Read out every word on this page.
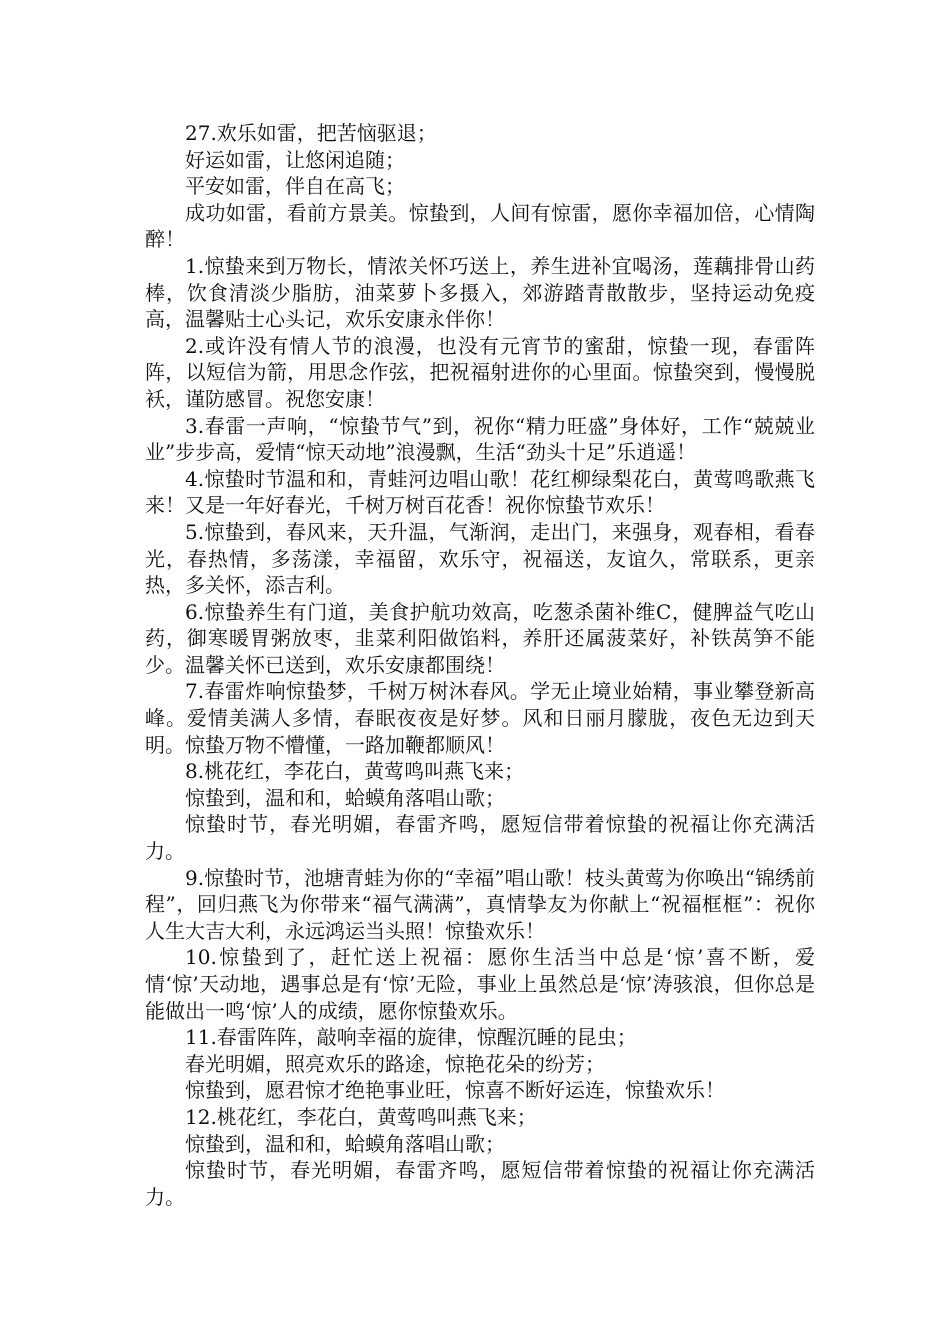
27.欢乐如雷，把苦恼驱退；

好运如雷，让悠闲追随；

平安如雷，伴自在高飞；

成功如雷，看前方景美。惊蛰到，人间有惊雷，愿你幸福加倍，心情陶醉！

1.惊蛰来到万物长，情浓关怀巧送上，养生进补宜喝汤，莲藕排骨山药棒，饮食清淡少脂肪，油菜萝卜多摄入，郊游踏青散散步，坚持运动免疫高，温馨贴士心头记，欢乐安康永伴你！

2.或许没有情人节的浪漫，也没有元宵节的蜜甜，惊蛰一现，春雷阵阵，以短信为箭，用思念作弦，把祝福射进你的心里面。惊蛰突到，慢慢脱袄，谨防感冒。祝您安康！

3.春雷一声响，“惊蛰节气”到，祝你“精力旺盛”身体好，工作“兢兢业业”步步高，爱情“惊天动地”浪漫飘，生活“劲头十足”乐逍遥！

4.惊蛰时节温和和，青蛙河边唱山歌！花红柳绿梨花白，黄莺鸣歌燕飞来！又是一年好春光，千树万树百花香！祝你惊蛰节欢乐！

5.惊蛰到，春风来，天升温，气渐润，走出门，来强身，观春相，看春光，春热情，多荡漾，幸福留，欢乐守，祝福送，友谊久，常联系，更亲热，多关怀，添吉利。

6.惊蛰养生有门道，美食护航功效高，吃葱杀菌补维C，健脾益气吃山药，御寒暖胃粥放枣，韭菜利阳做馅料，养肝还属菠菜好，补铁莴笋不能少。温馨关怀已送到，欢乐安康都围绕！

7.春雷炸响惊蛰梦，千树万树沐春风。学无止境业始精，事业攀登新高峰。爱情美满人多情，春眠夜夜是好梦。风和日丽月朦胧，夜色无边到天明。惊蛰万物不懵懂，一路加鞭都顺风！

8.桃花红，李花白，黄莺鸣叫燕飞来；

惊蛰到，温和和，蛤蟆角落唱山歌；

惊蛰时节，春光明媚，春雷齐鸣，愿短信带着惊蛰的祝福让你充满活力。

9.惊蛰时节，池塘青蛙为你的“幸福”唱山歌！枝头黄莺为你唤出“锦绣前程”，回归燕飞为你带来“福气满满”，真情挚友为你献上“祝福框框”：祝你人生大吉大利，永远鸿运当头照！惊蛰欢乐！

10.惊蛰到了，赶忙送上祝福：愿你生活当中总是‘惊’喜不断，爱情‘惊’天动地，遇事总是有‘惊’无险，事业上虽然总是‘惊’涛骇浪，但你总是能做出一鸣‘惊’人的成绩，愿你惊蛰欢乐。

11.春雷阵阵，敲响幸福的旋律，惊醒沉睡的昆虫；

春光明媚，照亮欢乐的路途，惊艳花朵的纷芳；

惊蛰到，愿君惊才绝艳事业旺，惊喜不断好运连，惊蛰欢乐！

12.桃花红，李花白，黄莺鸣叫燕飞来；

惊蛰到，温和和，蛤蟆角落唱山歌；

惊蛰时节，春光明媚，春雷齐鸣，愿短信带着惊蛰的祝福让你充满活力。
